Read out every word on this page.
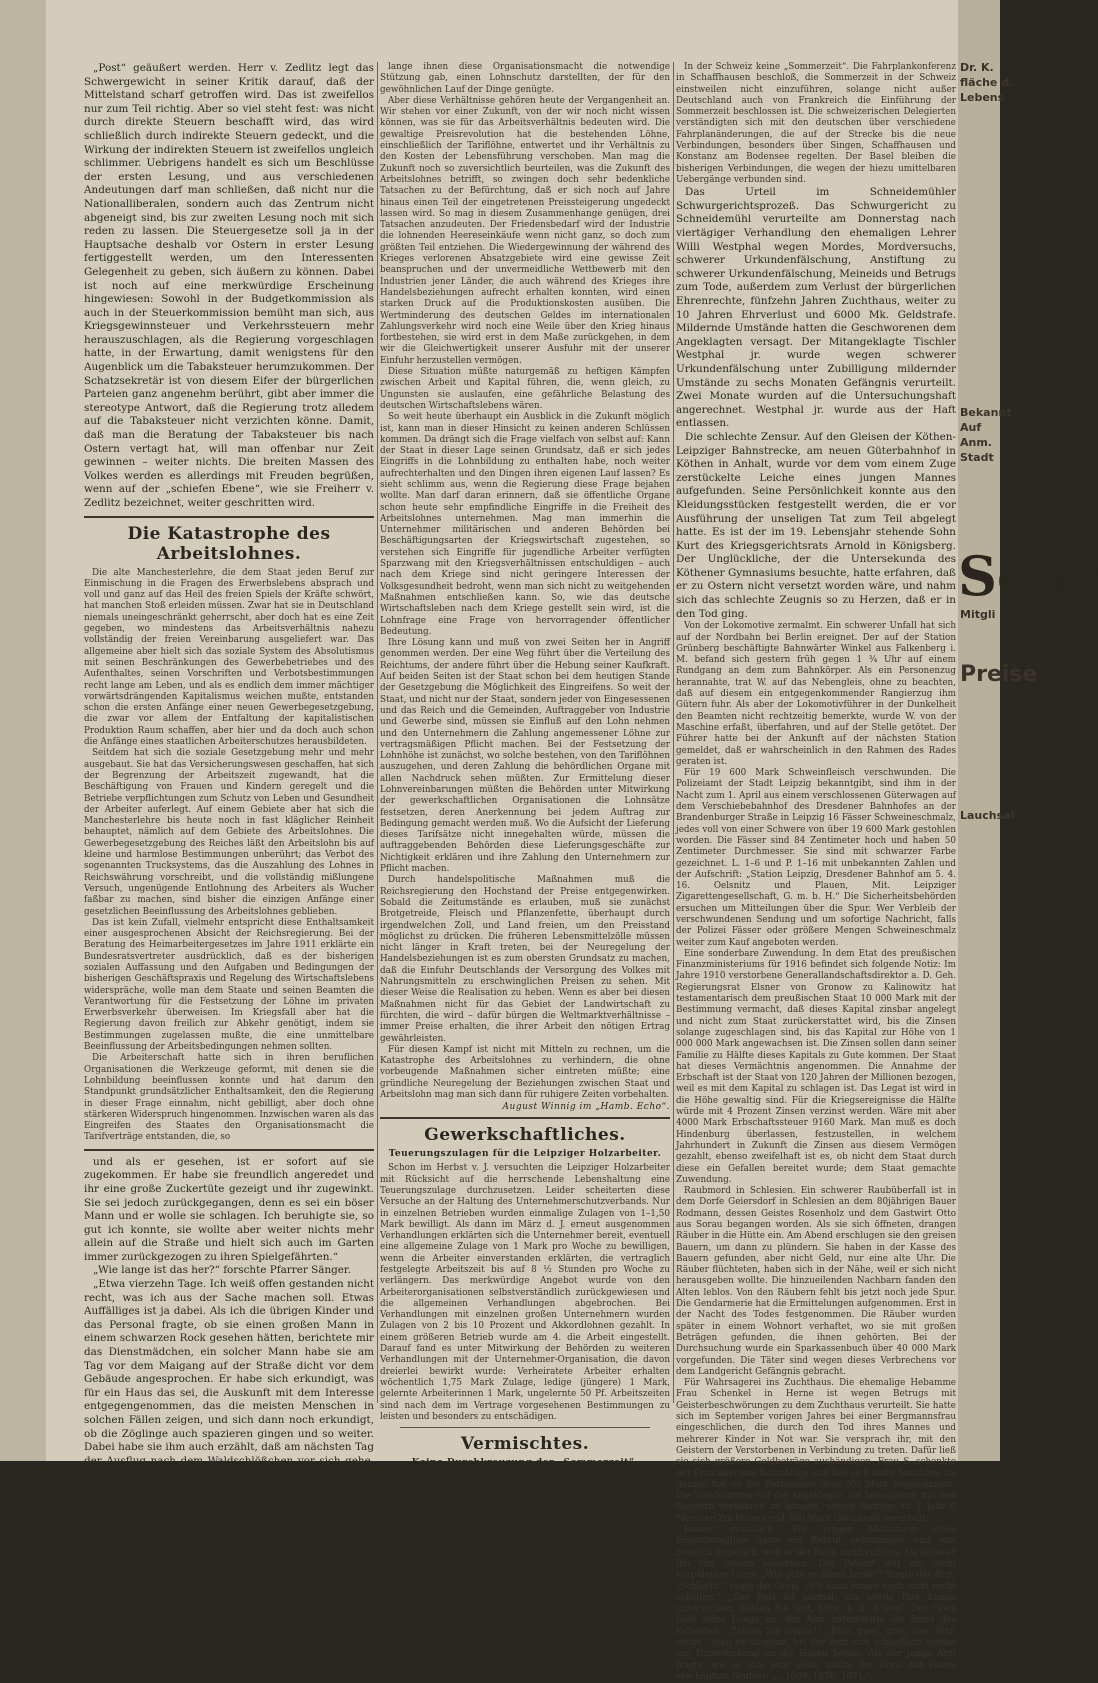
„Post“ geäußert werden. Herr v. Zedlitz legt das Schwergewicht in seiner Kritik darauf, daß der Mittelstand scharf getroffen wird. Das ist zweifellos nur zum Teil richtig. Aber so viel steht fest: was nicht durch direkte Steuern beschafft wird, das wird schließlich durch indirekte Steuern gedeckt, und die Wirkung der indirekten Steuern ist zweifellos ungleich schlimmer. Uebrigens handelt es sich um Beschlüsse der ersten Lesung, und aus verschiedenen Andeutungen darf man schließen, daß nicht nur die Nationalliberalen, sondern auch das Zentrum nicht abgeneigt sind, bis zur zweiten Lesung noch mit sich reden zu lassen. Die Steuergesetze soll ja in der Hauptsache deshalb vor Ostern in erster Lesung fertiggestellt werden, um den Interessenten Gelegenheit zu geben, sich äußern zu können. Dabei ist noch auf eine merkwürdige Erscheinung hingewiesen: Sowohl in der Budgetkommission als auch in der Steuerkommission bemüht man sich, aus Kriegsgewinnsteuer und Verkehrssteuern mehr herauszuschlagen, als die Regierung vorgeschlagen hatte, in der Erwartung, damit wenigstens für den Augenblick um die Tabaksteuer herumzukommen. Der Schatzsekretär ist von diesem Eifer der bürgerlichen Parteien ganz angenehm berührt, gibt aber immer die stereotype Antwort, daß die Regierung trotz alledem auf die Tabaksteuer nicht verzichten könne. Damit, daß man die Beratung der Tabaksteuer bis nach Ostern vertagt hat, will man offenbar nur Zeit gewinnen – weiter nichts. Die breiten Massen des Volkes werden es allerdings mit Freuden begrüßen, wenn auf der „schiefen Ebene“, wie sie Freiherr v. Zedlitz bezeichnet, weiter geschritten wird.

Die Katastrophe des Arbeitslohnes.

Die alte Manchesterlehre, die dem Staat jeden Beruf zur Einmischung in die Fragen des Erwerbslebens absprach und voll und ganz auf das Heil des freien Spiels der Kräfte schwört, hat manchen Stoß erleiden müssen. Zwar hat sie in Deutschland niemals uneingeschränkt geherrscht, aber doch hat es eine Zeit gegeben, wo mindestens das Arbeitsverhältnis nahezu vollständig der freien Vereinbarung ausgeliefert war. Das allgemeine aber hielt sich das soziale System des Absolutismus mit seinen Beschränkungen des Gewerbebetriebes und des Aufenthaltes, seinen Vorschriften und Verbotsbestimmungen recht lange am Leben, und als es endlich dem immer mächtiger vorwärtsdrängenden Kapitalismus weichen mußte, entstanden schon die ersten Anfänge einer neuen Gewerbegesetzgebung, die zwar vor allem der Entfaltung der kapitalistischen Produktion Raum schaffen, aber hier und da doch auch schon die Anfänge eines staatlichen Arbeiterschutzes herausbildeten.

Seitdem hat sich die soziale Gesetzgebung mehr und mehr ausgebaut. Sie hat das Versicherungswesen geschaffen, hat sich der Begrenzung der Arbeitszeit zugewandt, hat die Beschäftigung von Frauen und Kindern geregelt und die Betriebe verpflichtungen zum Schutz von Leben und Gesundheit der Arbeiter auferlegt. Auf einem Gebiete aber hat sich die Manchesterlehre bis heute noch in fast kläglicher Reinheit behauptet, nämlich auf dem Gebiete des Arbeitslohnes. Die Gewerbegesetzgebung des Reiches läßt den Arbeitslohn bis auf kleine und harmlose Bestimmungen unberührt; das Verbot des sogenannten Trucksystems, das die Auszahlung des Lohnes in Reichswährung vorschreibt, und die vollständig mißlungene Versuch, ungenügende Entlohnung des Arbeiters als Wucher faßbar zu machen, sind bisher die einzigen Anfänge einer gesetzlichen Beeinflussung des Arbeitslohnes geblieben.

Das ist kein Zufall, vielmehr entspricht diese Enthaltsamkeit einer ausgesprochenen Absicht der Reichsregierung. Bei der Beratung des Heimarbeitergesetzes im Jahre 1911 erklärte ein Bundesratsvertreter ausdrücklich, daß es der bisherigen sozialen Auffassung und den Aufgaben und Bedingungen der bisherigen Geschäftspraxis und Regelung des Wirtschaftslebens widerspräche, wolle man dem Staate und seinen Beamten die Verantwortung für die Festsetzung der Löhne im privaten Erwerbsverkehr überweisen. Im Kriegsfall aber hat die Regierung davon freilich zur Abkehr genötigt, indem sie Bestimmungen zugelassen mußte, die eine unmittelbare Beeinflussung der Arbeitsbedingungen nehmen sollten.

Die Arbeiterschaft hatte sich in ihren beruflichen Organisationen die Werkzeuge geformt, mit denen sie die Lohnbildung beeinflussen konnte und hat darum den Standpunkt grundsätzlicher Enthaltsamkeit, den die Regierung in dieser Frage einnahm, nicht gebilligt, aber doch ohne stärkeren Widerspruch hingenommen. Inzwischen waren als das Eingreifen des Staates den Organisationsmacht die Tarifverträge entstanden, die, so

und als er gesehen, ist er sofort auf sie zugekommen. Er habe sie freundlich angeredet und ihr eine große Zuckertüte gezeigt und ihr zugewinkt. Sie sei jedoch zurückgegangen, denn es sei ein böser Mann und er wolle sie schlagen. Ich beruhigte sie, so gut ich konnte, sie wollte aber weiter nichts mehr allein auf die Straße und hielt sich auch im Garten immer zurückgezogen zu ihren Spielgefährten.“

„Wie lange ist das her?“ forschte Pfarrer Sänger.

„Etwa vierzehn Tage. Ich weiß offen gestanden nicht recht, was ich aus der Sache machen soll. Etwas Auffälliges ist ja dabei. Als ich die übrigen Kinder und das Personal fragte, ob sie einen großen Mann in einem schwarzen Rock gesehen hätten, berichtete mir das Dienstmädchen, ein solcher Mann habe sie am Tag vor dem Maigang auf der Straße dicht vor dem Gebäude angesprochen. Er habe sich erkundigt, was für ein Haus das sei, die Auskunft mit dem Interesse entgegengenommen, das die meisten Menschen in solchen Fällen zeigen, und sich dann noch erkundigt, ob die Zöglinge auch spazieren gingen und so weiter. Dabei habe sie ihm auch erzählt, daß am nächsten Tag der Ausflug nach dem Waldschlößchen vor sich gehe. Der Besuch deshalb hier kann kein Zufall, doch ist es ja immerhin möglich, daß der Herr, der vielleicht hier wohnt, bloße Neugier hingeschrieben hat und das alles übrige sich aus einer Einbildung ist, die sich in dem Kinde Gehirn des Walpurgis im Anbetracht des schwarzen Bartes des Fremden festgesetzt hat.“

Der Pfarrer wiegte sinnend das Haupt. „Sie selber kannten den Mann nicht?“ fragte er.

„Nein.“

„Sie entsinnen sich nicht, ihn als Zeuge während des Prozesses gegen Walpurgis' Vater bemerkt zu haben?“

„Durchaus nicht.“

(Fortsetzung folgt.)

lange ihnen diese Organisationsmacht die notwendige Stützung gab, einen Lohnschutz darstellten, der für den gewöhnlichen Lauf der Dinge genügte.

Aber diese Verhältnisse gehören heute der Vergangenheit an. Wir stehen vor einer Zukunft, von der wir noch nicht wissen können, was sie für das Arbeitsverhältnis bedeuten wird. Die gewaltige Preisrevolution hat die bestehenden Löhne, einschließlich der Tariflöhne, entwertet und ihr Verhältnis zu den Kosten der Lebensführung verschoben. Man mag die Zukunft noch so zuversichtlich beurteilen, was die Zukunft des Arbeitslohnes betrifft, so zwingen doch sehr bedenkliche Tatsachen zu der Befürchtung, daß er sich noch auf Jahre hinaus einen Teil der eingetretenen Preissteigerung ungedeckt lassen wird. So mag in diesem Zusammenhange genügen, drei Tatsachen anzudeuten. Der Friedensbedarf wird der Industrie die lohnenden Heereseinkäufe wenn nicht ganz, so doch zum größten Teil entziehen. Die Wiedergewinnung der während des Krieges verlorenen Absatzgebiete wird eine gewisse Zeit beanspruchen und der unvermeidliche Wettbewerb mit den Industrien jener Länder, die auch während des Krieges ihre Handelsbeziehungen aufrecht erhalten konnten, wird einen starken Druck auf die Produktionskosten ausüben. Die Wertminderung des deutschen Geldes im internationalen Zahlungsverkehr wird noch eine Weile über den Krieg hinaus fortbestehen, sie wird erst in dem Maße zurückgehen, in dem wir die Gleichwertigkeit unserer Ausfuhr mit der unserer Einfuhr herzustellen vermögen.

Diese Situation müßte naturgemäß zu heftigen Kämpfen zwischen Arbeit und Kapital führen, die, wenn gleich, zu Ungunsten sie auslaufen, eine gefährliche Belastung des deutschen Wirtschaftslebens wären.

So weit heute überhaupt ein Ausblick in die Zukunft möglich ist, kann man in dieser Hinsicht zu keinen anderen Schlüssen kommen. Da drängt sich die Frage vielfach von selbst auf: Kann der Staat in dieser Lage seinen Grundsatz, daß er sich jedes Eingriffs in die Lohnbildung zu enthalten habe, noch weiter aufrechterhalten und den Dingen ihren eigenen Lauf lassen? Es sieht schlimm aus, wenn die Regierung diese Frage bejahen wollte. Man darf daran erinnern, daß sie öffentliche Organe schon heute sehr empfindliche Eingriffe in die Freiheit des Arbeitslohnes unternehmen. Mag man immerhin die Unternehmer militärischen und anderen Behörden bei Beschäftigungsarten der Kriegswirtschaft zugestehen, so verstehen sich Eingriffe für jugendliche Arbeiter verfügten Sparzwang mit den Kriegsverhältnissen entschuldigen – auch nach dem Kriege sind nicht geringere Interessen der Volksgesundheit bedroht, wenn man sich nicht zu weitgehenden Maßnahmen entschließen kann. So, wie das deutsche Wirtschaftsleben nach dem Kriege gestellt sein wird, ist die Lohnfrage eine Frage von hervorragender öffentlicher Bedeutung.

Ihre Lösung kann und muß von zwei Seiten her in Angriff genommen werden. Der eine Weg führt über die Verteilung des Reichtums, der andere führt über die Hebung seiner Kaufkraft. Auf beiden Seiten ist der Staat schon bei dem heutigen Stande der Gesetzgebung die Möglichkeit des Eingreifens. So weit der Staat, und nicht nur der Staat, sondern jeder von Eingesessenen und das Reich und die Gemeinden, Auftraggeber von Industrie und Gewerbe sind, müssen sie Einfluß auf den Lohn nehmen und den Unternehmern die Zahlung angemessener Löhne zur vertragsmäßigen Pflicht machen. Bei der Festsetzung der Lohnhöhe ist zunächst, wo solche bestehen, von den Tariflöhnen auszugehen, und deren Zahlung die behördlichen Organe mit allen Nachdruck sehen müßten. Zur Ermittelung dieser Lohnvereinbarungen müßten die Behörden unter Mitwirkung der gewerkschaftlichen Organisationen die Lohnsätze festsetzen, deren Anerkennung bei jedem Auftrag zur Bedingung gemacht werden muß. Wo die Aufsicht der Lieferung dieses Tarifsätze nicht innegehalten würde, müssen die auftraggebenden Behörden diese Lieferungsgeschäfte zur Nichtigkeit erklären und ihre Zahlung den Unternehmern zur Pflicht machen.

Durch handelspolitische Maßnahmen muß die Reichsregierung den Hochstand der Preise entgegenwirken. Sobald die Zeitumstände es erlauben, muß sie zunächst Brotgetreide, Fleisch und Pflanzenfette, überhaupt durch irgendwelchen Zoll, und Land freien, um den Preisstand möglichst zu drücken. Die früheren Lebensmittelzölle müssen nicht länger in Kraft treten, bei der Neuregelung der Handelsbeziehungen ist es zum obersten Grundsatz zu machen, daß die Einfuhr Deutschlands der Versorgung des Volkes mit Nahrungsmitteln zu erschwinglichen Preisen zu sehen. Mit dieser Weise die Realisation zu heben. Wenn es aber bei diesen Maßnahmen nicht für das Gebiet der Landwirtschaft zu fürchten, die wird – dafür bürgen die Weltmarktverhältnisse – immer Preise erhalten, die ihrer Arbeit den nötigen Ertrag gewährleisten.

Für diesen Kampf ist nicht mit Mitteln zu rechnen, um die Katastrophe des Arbeitslohnes zu verhindern, die ohne vorbeugende Maßnahmen sicher eintreten müßte; eine gründliche Neuregelung der Beziehungen zwischen Staat und Arbeitslohn mag man sich dann für ruhigere Zeiten vorbehalten.

August Winnig im „Hamb. Echo“.
Gewerkschaftliches.
Teuerungszulagen für die Leipziger Holzarbeiter.

Schon im Herbst v. J. versuchten die Leipziger Holzarbeiter mit Rücksicht auf die herrschende Lebenshaltung eine Teuerungszulage durchzusetzen. Leider scheiterten diese Versuche an der Haltung des Unternehmerschutzverbands. Nur in einzelnen Betrieben wurden einmalige Zulagen von 1–1,50 Mark bewilligt. Als dann im März d. J. erneut ausgenommen Verhandlungen erklärten sich die Unternehmer bereit, eventuell eine allgemeine Zulage von 1 Mark pro Woche zu bewilligen, wenn die Arbeiter einverstanden erklärten, die vertraglich festgelegte Arbeitszeit bis auf 8 ½ Stunden pro Woche zu verlängern. Das merkwürdige Angebot wurde von den Arbeiterorganisationen selbstverständlich zurückgewiesen und die allgemeinen Verhandlungen abgebrochen. Bei Verhandlungen mit einzelnen großen Unternehmern wurden Zulagen von 2 bis 10 Prozent und Akkordlohnen gezahlt. In einem größeren Betrieb wurde am 4. die Arbeit eingestellt. Darauf fand es unter Mitwirkung der Behörden zu weiteren Verhandlungen mit der Unternehmer-Organisation, die davon dreierlei bewirkt wurde: Verheiratete Arbeiter erhalten wöchentlich 1,75 Mark Zulage, ledige (jüngere) 1 Mark, gelernte Arbeiterinnen 1 Mark, ungelernte 50 Pf. Arbeitszeiten sind nach dem im Vertrage vorgesehenen Bestimmungen zu leisten und besonders zu entschädigen.

Vermischtes.
Keine Durchkreuzung der „Sommerzeit“.

Der Staatssekretär des Innern als Vertreter des Reichskanzlers hat durch besonderes Rundschreiben die Behörden angewiesen, alle Maßnahmen zur Durchführung der Sommerzeit mit allen Mitteln zu fördern. Er weist die Behörden in die Hand zu nehmen und alle Versuche, die Wirkung dieser Reichsverordnung durch Verlegung der Geschäftsstunden zu durchkreuzen, mit aller Entschiedenheit zu bekämpfen. Es soll nicht gestattet werden, daß die bisher üblichen Geschäftsstunden um 1 Mai ab geändert werden. Die Absicht geht vielmehr dahin, zu ihrem Vorteil die Arbeitszeit ihrer Angestellten um eine Stunde, da Behörde damit einzeln entgegenzutreten werden können.

In der Schweiz keine „Sommerzeit“. Die Fahrplankonferenz in Schaffhausen beschloß, die Sommerzeit in der Schweiz einstweilen nicht einzuführen, solange nicht außer Deutschland auch von Frankreich die Einführung der Sommerzeit beschlossen ist. Die schweizerischen Delegierten verständigten sich mit den deutschen über verschiedene Fahrplanänderungen, die auf der Strecke bis die neue Verbindungen, besonders über Singen, Schaffhausen und Konstanz am Bodensee regelten. Der Basel bleiben die bisherigen Verbindungen, die wegen der hiezu umittelbaren Uebergänge verbunden sind.

Das Urteil im Schneidemühler Schwurgerichtsprozeß. Das Schwurgericht zu Schneidemühl verurteilte am Donnerstag nach viertägiger Verhandlung den ehemaligen Lehrer Willi Westphal wegen Mordes, Mordversuchs, schwerer Urkundenfälschung, Anstiftung zu schwerer Urkundenfälschung, Meineids und Betrugs zum Tode, außerdem zum Verlust der bürgerlichen Ehrenrechte, fünfzehn Jahren Zuchthaus, weiter zu 10 Jahren Ehrverlust und 6000 Mk. Geldstrafe. Mildernde Umstände hatten die Geschworenen dem Angeklagten versagt. Der Mitangeklagte Tischler Westphal jr. wurde wegen schwerer Urkundenfälschung unter Zubilligung mildernder Umstände zu sechs Monaten Gefängnis verurteilt. Zwei Monate wurden auf die Untersuchungshaft angerechnet. Westphal jr. wurde aus der Haft entlassen.

Die schlechte Zensur. Auf den Gleisen der Köthen-Leipziger Bahnstrecke, am neuen Güterbahnhof in Köthen in Anhalt, wurde vor dem vom einem Zuge zerstückelte Leiche eines jungen Mannes aufgefunden. Seine Persönlichkeit konnte aus den Kleidungsstücken festgestellt werden, die er vor Ausführung der unseligen Tat zum Teil abgelegt hatte. Es ist der im 19. Lebensjahr stehende Sohn Kurt des Kriegsgerichtsrats Arnold in Königsberg. Der Unglückliche, der die Untersekunda des Köthener Gymnasiums besuchte, hatte erfahren, daß er zu Ostern nicht versetzt worden wäre, und nahm sich das schlechte Zeugnis so zu Herzen, daß er in den Tod ging.

Von der Lokomotive zermalmt. Ein schwerer Unfall hat sich auf der Nordbahn bei Berlin ereignet. Der auf der Station Grünberg beschäftigte Bahnwärter Winkel aus Falkenberg i. M. befand sich gestern früh gegen 1 ¾ Uhr auf einem Rundgang an dem zum Bahnkörper. Als ein Personenzug herannahte, trat W. auf das Nebengleis, ohne zu beachten, daß auf diesem ein entgegenkommender Rangierzug ihm Gütern fuhr. Als aber der Lokomotivführer in der Dunkelheit den Beamten nicht rechtzeitig bemerkte, wurde W. von der Maschine erfaßt, überfahren, und auf der Stelle getötet. Der Führer hatte bei der Ankunft auf der nächsten Station gemeldet, daß er wahrscheinlich in den Rahmen des Rades geraten ist.

Für 19 600 Mark Schweinfleisch verschwunden. Die Polizeiamt der Stadt Leipzig bekanntgibt, sind ihm in der Nacht zum 1. April aus einem verschlossenen Güterwagen auf dem Verschiebebahnhof des Dresdener Bahnhofes an der Brandenburger Straße in Leipzig 16 Fässer Schweineschmalz, jedes voll von einer Schwere von über 19 600 Mark gestohlen worden. Die Fässer sind 84 Zentimeter hoch und haben 50 Zentimeter Durchmesser. Sie sind mit schwarzer Farbe gezeichnet. L. 1–6 und P. 1–16 mit unbekannten Zahlen und der Aufschrift: „Station Leipzig, Dresdener Bahnhof am 5. 4. 16. Oelsnitz und Plauen, Mit. Leipziger Zigarettengesellschaft, G. m. b. H.“ Die Sicherheitsbehörden ersuchen um Mitteilungen über die Spur. Wer Verbleib der verschwundenen Sendung und um sofortige Nachricht, falls der Polizei Fässer oder größere Mengen Schweineschmalz weiter zum Kauf angeboten werden.

Eine sonderbare Zuwendung. In dem Etat des preußischen Finanzministeriums für 1916 befindet sich folgende Notiz: Im Jahre 1910 verstorbene Generallandschaftsdirektor a. D. Geh. Regierungsrat Elsner von Gronow zu Kalinowitz hat testamentarisch dem preußischen Staat 10 000 Mark mit der Bestimmung vermacht, daß dieses Kapital zinsbar angelegt und nicht zum Staat zurückerstattet wird, bis die Zinsen solange zugeschlagen sind, bis das Kapital zur Höhe von 1 000 000 Mark angewachsen ist. Die Zinsen sollen dann seiner Familie zu Hälfte dieses Kapitals zu Gute kommen. Der Staat hat dieses Vermächtnis angenommen. Die Annahme der Erbschaft ist der Staat von 120 Jahren der Millionen bezogen, weil es mit dem Kapital zu schlagen ist. Das Legat ist wird in die Höhe gewaltig sind. Für die Kriegsereignisse die Hälfte würde mit 4 Prozent Zinsen verzinst werden. Wäre mit aber 4000 Mark Erbschaftssteuer 9160 Mark. Man muß es doch Hindenburg überlassen, festzustellen, in welchem Jahrhundert in Zukunft die Zinsen aus diesem Vermögen gezahlt, ebenso zweifelhaft ist es, ob nicht dem Staat durch diese ein Gefallen bereitet wurde; dem Staat gemachte Zuwendung.

Raubmord in Schlesien. Ein schwerer Raubüberfall ist in dem Dorfe Geiersdorf in Schlesien an dem 80jährigen Bauer Rodmann, dessen Geistes Rosenholz und dem Gastwirt Otto aus Sorau begangen worden. Als sie sich öffneten, drangen Räuber in die Hütte ein. Am Abend erschlugen sie den greisen Bauern, um dann zu plündern. Sie haben in der Kasse des Bauern gefunden, aber nicht Geld, nur eine alte Uhr. Die Räuber flüchteten, haben sich in der Nähe, weil er sich nicht herausgeben wollte. Die hinzueilenden Nachbarn fanden den Alten leblos. Von den Räubern fehlt bis jetzt noch jede Spur. Die Gendarmerie hat die Ermittelungen aufgenommen. Erst in der Nacht des Todes festgenommen. Die Räuber wurden später in einem Wohnort verhaftet, wo sie mit großen Beträgen gefunden, die ihnen gehörten. Bei der Durchsuchung wurde ein Sparkassenbuch über 40 000 Mark vorgefunden. Die Täter sind wegen dieses Verbrechens vor dem Landgericht Gefängnis gebracht.

Für Wahrsagerei ins Zuchthaus. Die ehemalige Hebamme Frau Schenkel in Herne ist wegen Betrugs mit Geisterbeschwörungen zu dem Zuchthaus verurteilt. Sie hatte sich im September vorigen Jahres bei einer Bergmannsfrau eingeschlichen, die durch den Tod ihres Mannes und mehrerer Kinder in Not war. Sie versprach ihr, mit den Geistern der Verstorbenen in Verbindung zu treten. Dafür ließ sie sich größere Geldbeträge aushändigen. Frau S. schenkte der Frau aber nur Ratschläge und ließ sich dafür bezahlen. Im ganzen hat sie der Betrogenen über 300 Mark abgenommen. Die Strafkammer hat die Angeklagte, die behauptete, mit den Geistern verkehren zu können, wegen Betrugs zu 1 Jahr 6 Monaten Zuchthaus und 300 Mark Geldstrafe verurteilt.

Immer gründlich. Ein junger Militärarzt eines Ersatzbataillons hatte ein Rekrut gebrummelt und war ziemlich ärgerlich, weil er der Rede nicht zuhörte. Da hatte er ihn von neuem begonnen. Der Patient war ein recht korpulenter Greis. „Wie geht es Ihnen heute?“ fragte der Arzt. „Schlecht,“ sagte der Greis. „Ich kann immer noch nicht recht schlafen.“ „Der Puls ist normal; ich werde Ihre Lunge untersuchen. Zählen Sie laut, bitte, 1, 2, 3 usw.“ Der Greis hielt seine Lunge an, der Arzt untersuchte die Brust des Patienten. „Zählen Sie weiter!“ „Eins, zwei, drei, vier, fünf, sechs,“ ging es langsam, bis der Arzt sich schließlich wieder zur Untersuchung an die Hosen begab. Als der junge Arzt fragte, wie es ihm jetzt gehe, zählte der Greis mit einem erschöpften Seufzer: „...1069, 1070, 1071.“

Dr. K.
fläche d.
Lebens
Bekannt
Auf
Anm.
Stadt
Sebr
Mitgli
Preise
Lauchsal
